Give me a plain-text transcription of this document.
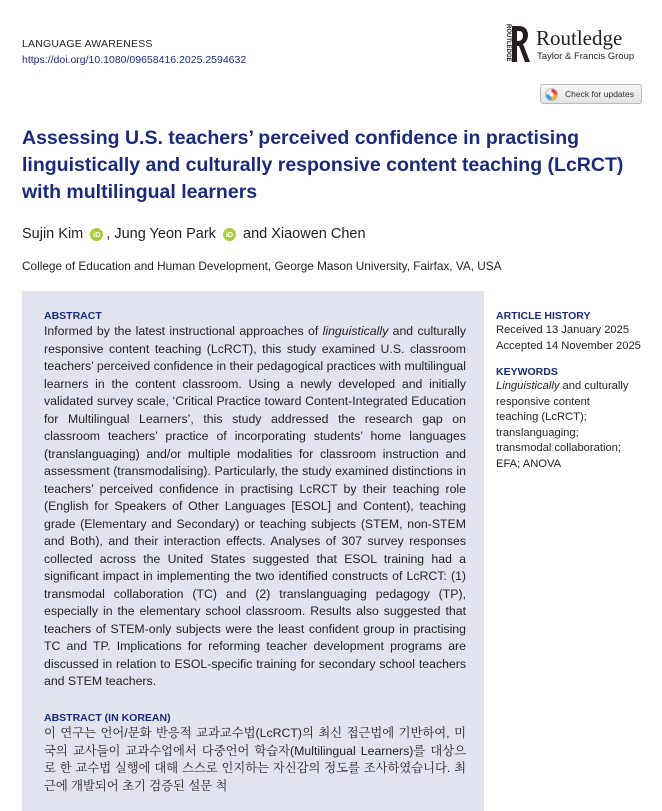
LANGUAGE AWARENESS
https://doi.org/10.1080/09658416.2025.2594632	ROUTLEDGE Routledge
Taylor & Francis Group
Check for updates
Assessing U.S. teachers’ perceived confidence in practising linguistically and culturally responsive content teaching (LcRCT) with multilingual learners
Sujin Kim iD , Jung Yeon Park iD and Xiaowen Chen
College of Education and Human Development, George Mason University, Fairfax, VA, USA
ABSTRACT

Informed by the latest instructional approaches of linguistically and culturally responsive content teaching (LcRCT), this study examined U.S. classroom teachers’ perceived confidence in their pedagogical practices with multilingual learners in the content classroom. Using a newly developed and initially validated survey scale, ‘Critical Practice toward Content-Integrated Education for Multilingual Learners’, this study addressed the research gap on classroom teachers’ practice of incorporating students’ home languages (translanguaging) and/or multiple modalities for classroom instruction and assessment (transmodalising). Particularly, the study examined distinctions in teachers’ perceived confidence in practising LcRCT by their teaching role (English for Speakers of Other Languages [ESOL] and Content), teaching grade (Elementary and Secondary) or teaching subjects (STEM, non-STEM and Both), and their interaction effects. Analyses of 307 survey responses collected across the United States suggested that ESOL training had a significant impact in implementing the two identified constructs of LcRCT: (1) transmodal collaboration (TC) and (2) translanguaging pedagogy (TP), especially in the elementary school classroom. Results also suggested that teachers of STEM-only subjects were the least confident group in practising TC and TP. Implications for reforming teacher development programs are discussed in relation to ESOL-specific training for secondary school teachers and STEM teachers.

ABSTRACT (IN KOREAN)

이 연구는 언어/문화 반응적 교과교수법(LcRCT)의 최신 접근법에 기반하여, 미국의 교사들이 교과수업에서 다중언어 학습자(Multilingual Learners)를 대상으로 한 교수법 실행에 대해 스스로 인지하는 자신감의 정도를 조사하였습니다. 최근에 개발되어 초기 검증된 설문 척

ARTICLE HISTORY
Received 13 January 2025
Accepted 14 November 2025
KEYWORDS
Linguistically and culturally
responsive content
teaching (LcRCT);
translanguaging;
transmodal collaboration;
EFA; ANOVA
